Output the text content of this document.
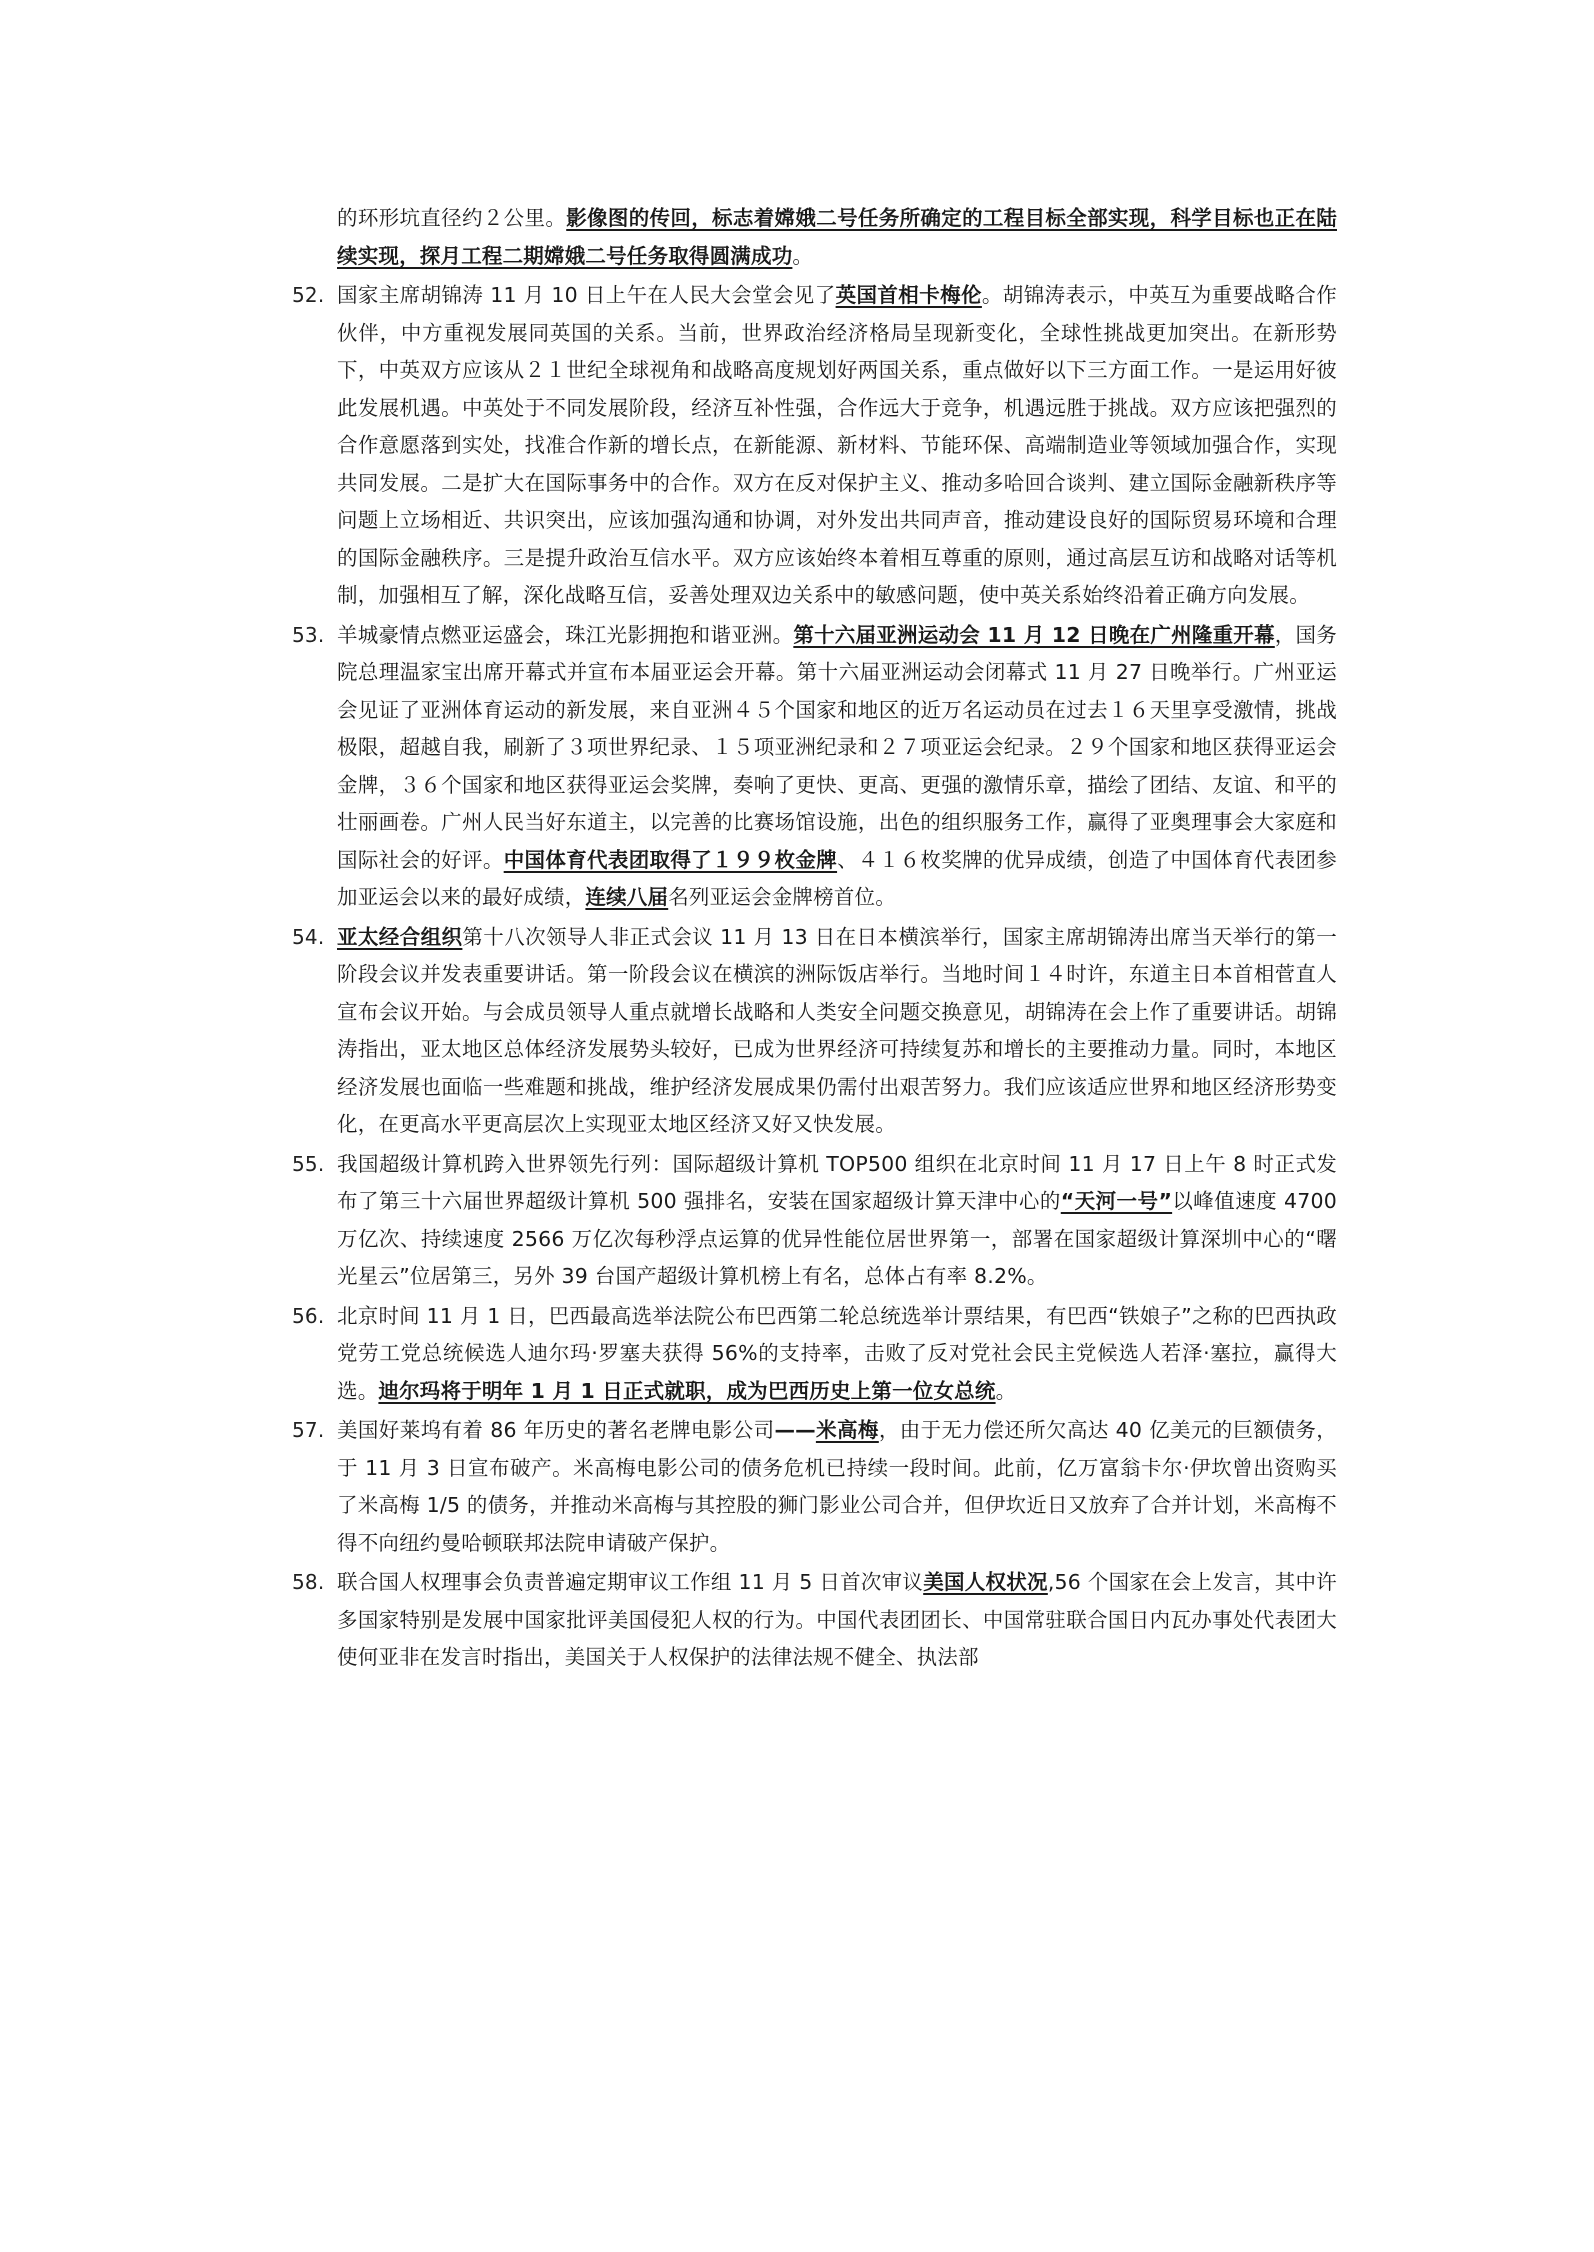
的环形坑直径约２公里。影像图的传回，标志着嫦娥二号任务所确定的工程目标全部实现，科学目标也正在陆续实现，探月工程二期嫦娥二号任务取得圆满成功。

52. 国家主席胡锦涛 11 月 10 日上午在人民大会堂会见了英国首相卡梅伦。胡锦涛表示，中英互为重要战略合作伙伴，中方重视发展同英国的关系。当前，世界政治经济格局呈现新变化，全球性挑战更加突出。在新形势下，中英双方应该从２１世纪全球视角和战略高度规划好两国关系，重点做好以下三方面工作。一是运用好彼此发展机遇。中英处于不同发展阶段，经济互补性强，合作远大于竞争，机遇远胜于挑战。双方应该把强烈的合作意愿落到实处，找准合作新的增长点，在新能源、新材料、节能环保、高端制造业等领域加强合作，实现共同发展。二是扩大在国际事务中的合作。双方在反对保护主义、推动多哈回合谈判、建立国际金融新秩序等问题上立场相近、共识突出，应该加强沟通和协调，对外发出共同声音，推动建设良好的国际贸易环境和合理的国际金融秩序。三是提升政治互信水平。双方应该始终本着相互尊重的原则，通过高层互访和战略对话等机制，加强相互了解，深化战略互信，妥善处理双边关系中的敏感问题，使中英关系始终沿着正确方向发展。
53. 羊城豪情点燃亚运盛会，珠江光影拥抱和谐亚洲。第十六届亚洲运动会 11 月 12 日晚在广州隆重开幕，国务院总理温家宝出席开幕式并宣布本届亚运会开幕。第十六届亚洲运动会闭幕式 11 月 27 日晚举行。广州亚运会见证了亚洲体育运动的新发展，来自亚洲４５个国家和地区的近万名运动员在过去１６天里享受激情，挑战极限，超越自我，刷新了３项世界纪录、１５项亚洲纪录和２７项亚运会纪录。２９个国家和地区获得亚运会金牌，３６个国家和地区获得亚运会奖牌，奏响了更快、更高、更强的激情乐章，描绘了团结、友谊、和平的壮丽画卷。广州人民当好东道主，以完善的比赛场馆设施，出色的组织服务工作，赢得了亚奥理事会大家庭和国际社会的好评。中国体育代表团取得了１９９枚金牌、４１６枚奖牌的优异成绩，创造了中国体育代表团参加亚运会以来的最好成绩，连续八届名列亚运会金牌榜首位。
54. 亚太经合组织第十八次领导人非正式会议 11 月 13 日在日本横滨举行，国家主席胡锦涛出席当天举行的第一阶段会议并发表重要讲话。第一阶段会议在横滨的洲际饭店举行。当地时间１４时许，东道主日本首相菅直人宣布会议开始。与会成员领导人重点就增长战略和人类安全问题交换意见，胡锦涛在会上作了重要讲话。胡锦涛指出，亚太地区总体经济发展势头较好，已成为世界经济可持续复苏和增长的主要推动力量。同时，本地区经济发展也面临一些难题和挑战，维护经济发展成果仍需付出艰苦努力。我们应该适应世界和地区经济形势变化，在更高水平更高层次上实现亚太地区经济又好又快发展。
55. 我国超级计算机跨入世界领先行列：国际超级计算机 TOP500 组织在北京时间 11 月 17 日上午 8 时正式发布了第三十六届世界超级计算机 500 强排名，安装在国家超级计算天津中心的“天河一号”以峰值速度 4700 万亿次、持续速度 2566 万亿次每秒浮点运算的优异性能位居世界第一，部署在国家超级计算深圳中心的“曙光星云”位居第三，另外 39 台国产超级计算机榜上有名，总体占有率 8.2%。
56. 北京时间 11 月 1 日，巴西最高选举法院公布巴西第二轮总统选举计票结果，有巴西“铁娘子”之称的巴西执政党劳工党总统候选人迪尔玛·罗塞夫获得 56%的支持率，击败了反对党社会民主党候选人若泽·塞拉，赢得大选。迪尔玛将于明年 1 月 1 日正式就职，成为巴西历史上第一位女总统。
57. 美国好莱坞有着 86 年历史的著名老牌电影公司——米高梅，由于无力偿还所欠高达 40 亿美元的巨额债务，于 11 月 3 日宣布破产。米高梅电影公司的债务危机已持续一段时间。此前，亿万富翁卡尔·伊坎曾出资购买了米高梅 1/5 的债务，并推动米高梅与其控股的狮门影业公司合并，但伊坎近日又放弃了合并计划，米高梅不得不向纽约曼哈顿联邦法院申请破产保护。
58. 联合国人权理事会负责普遍定期审议工作组 11 月 5 日首次审议美国人权状况,56 个国家在会上发言，其中许多国家特别是发展中国家批评美国侵犯人权的行为。中国代表团团长、中国常驻联合国日内瓦办事处代表团大使何亚非在发言时指出，美国关于人权保护的法律法规不健全、执法部
